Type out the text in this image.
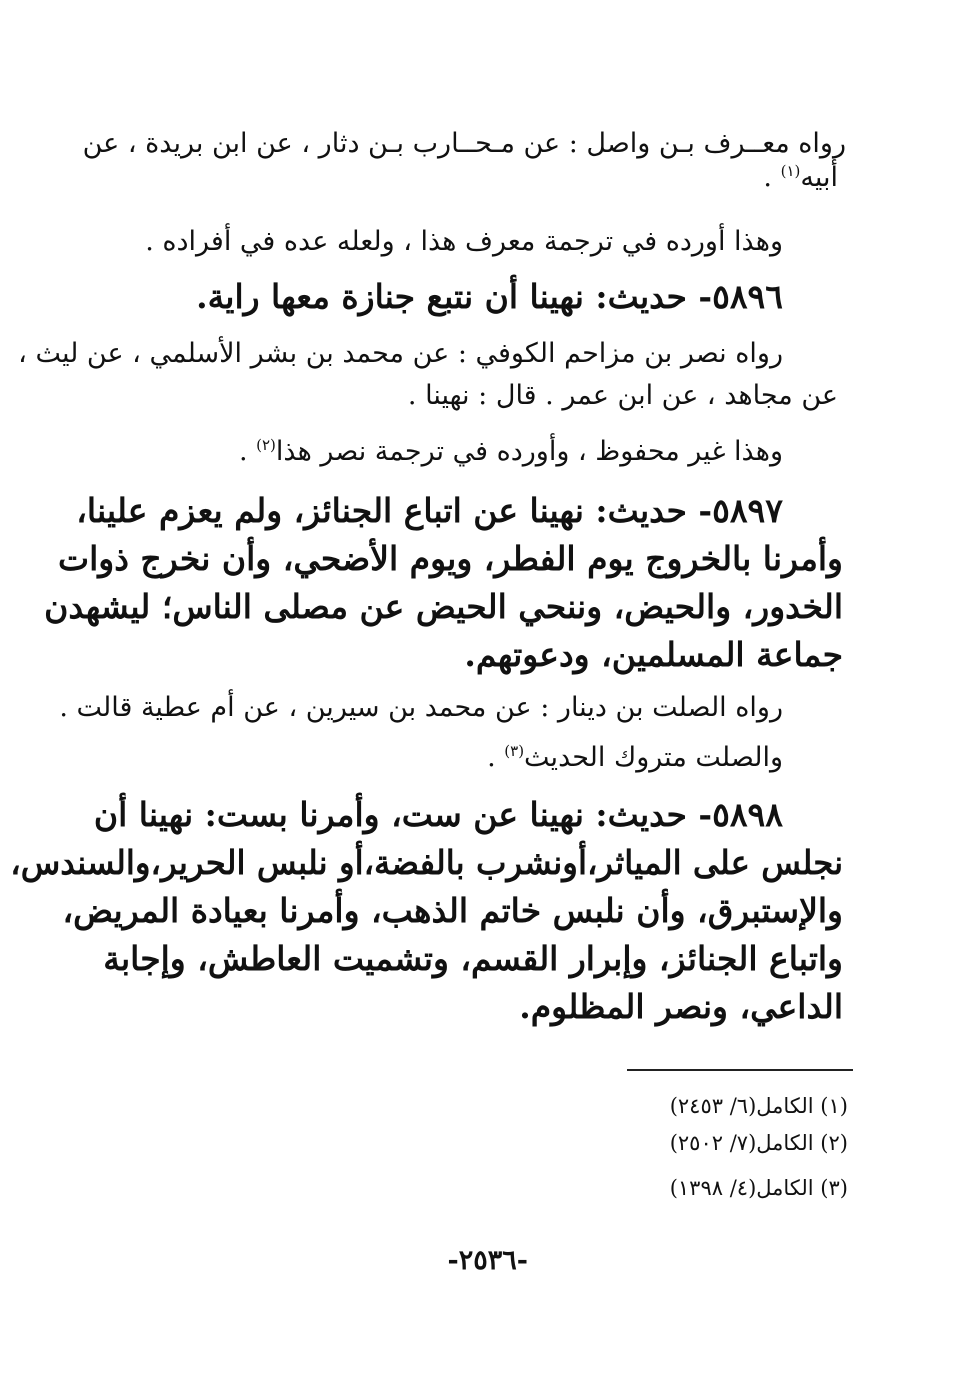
رواه معــرف بـن واصل : عن مـحــارب بـن دثار ، عن ابن بريدة ، عن
أبيه$^{(١)}$ .
وهذا أورده في ترجمة معرف هذا ، ولعله عده في أفراده .
٥٨٩٦- حديث: نهينا أن نتبع جنازة معها راية.
رواه نصر بن مزاحم الكوفي : عن محمد بن بشر الأسلمي ، عن ليث ،
عن مجاهد ، عن ابن عمر . قال : نهينا .
وهذا غير محفوظ ، وأورده في ترجمة نصر هذا$^{(٢)}$ .
٥٨٩٧- حديث: نهينا عن اتباع الجنائز، ولم يعزم علينا،
وأمرنا بالخروج يوم الفطر، ويوم الأضحي، وأن نخرج ذوات
الخدور، والحيض، وننحي الحيض عن مصلى الناس؛ ليشهدن
جماعة المسلمين، ودعوتهم.
رواه الصلت بن دينار : عن محمد بن سيرين ، عن أم عطية قالت .
والصلت متروك الحديث$^{(٣)}$ .
٥٨٩٨- حديث: نهينا عن ست، وأمرنا بست: نهينا أن
نجلس على المياثر،أونشرب بالفضة،أو نلبس الحرير،والسندس،
والإستبرق، وأن نلبس خاتم الذهب، وأمرنا بعيادة المريض،
واتباع الجنائز، وإبرار القسم، وتشميت العاطش، وإجابة
الداعي، ونصر المظلوم.
(١) الكامل(٦/ ٢٤٥٣)
(٢) الكامل(٧/ ٢٥٠٢)
(٣) الكامل(٤/ ١٣٩٨)
-٢٥٣٦-
